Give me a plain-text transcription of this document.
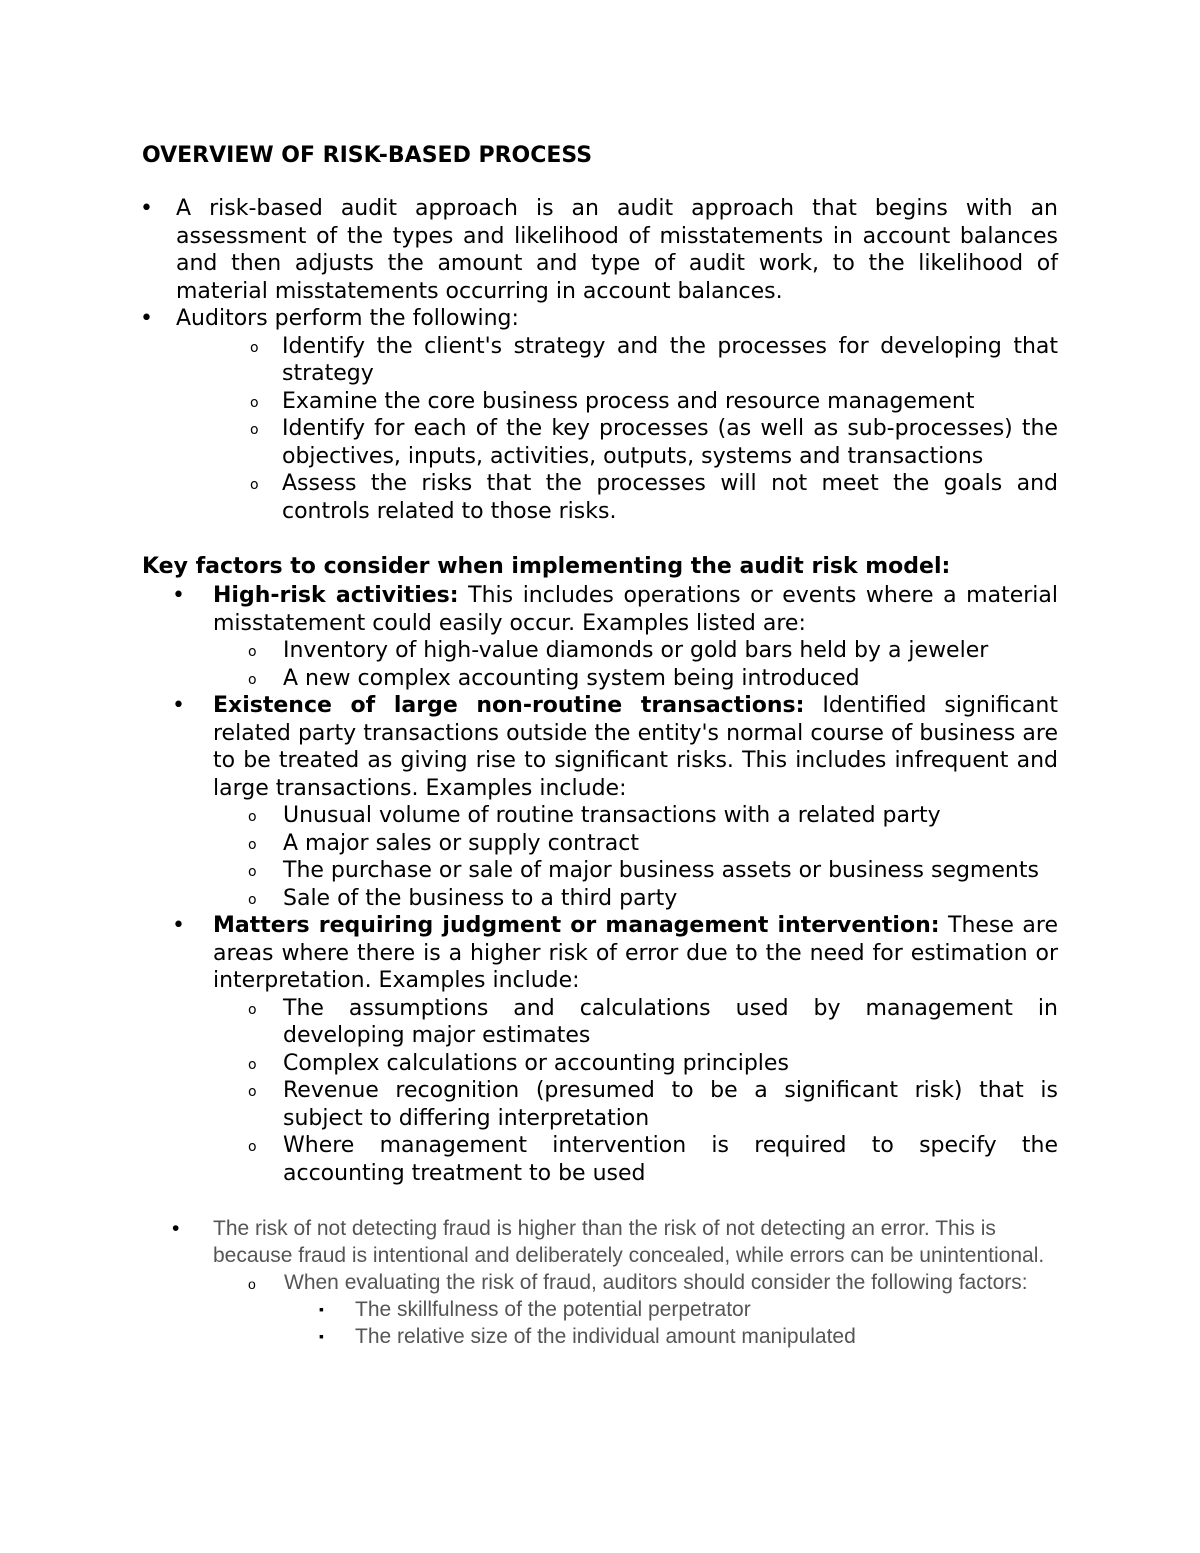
OVERVIEW OF RISK-BASED PROCESS
• A risk-based audit approach is an audit approach that begins with an assessment of the types and likelihood of misstatements in account balances and then adjusts the amount and type of audit work, to the likelihood of material misstatements occurring in account balances.
• Auditors perform the following:
o Identify the client's strategy and the processes for developing that strategy
o Examine the core business process and resource management
o Identify for each of the key processes (as well as sub-processes) the objectives, inputs, activities, outputs, systems and transactions
o Assess the risks that the processes will not meet the goals and controls related to those risks.
Key factors to consider when implementing the audit risk model:
• High-risk activities: This includes operations or events where a material misstatement could easily occur. Examples listed are:
o Inventory of high-value diamonds or gold bars held by a jeweler
o A new complex accounting system being introduced
• Existence of large non-routine transactions: Identified significant related party transactions outside the entity's normal course of business are to be treated as giving rise to significant risks. This includes infrequent and large transactions. Examples include:
o Unusual volume of routine transactions with a related party
o A major sales or supply contract
o The purchase or sale of major business assets or business segments
o Sale of the business to a third party
• Matters requiring judgment or management intervention: These are areas where there is a higher risk of error due to the need for estimation or interpretation. Examples include:
o The assumptions and calculations used by management in developing major estimates
o Complex calculations or accounting principles
o Revenue recognition (presumed to be a significant risk) that is subject to differing interpretation
o Where management intervention is required to specify the accounting treatment to be used
• The risk of not detecting fraud is higher than the risk of not detecting an error. This is because fraud is intentional and deliberately concealed, while errors can be unintentional.
o When evaluating the risk of fraud, auditors should consider the following factors:
▪ The skillfulness of the potential perpetrator
▪ The relative size of the individual amount manipulated
